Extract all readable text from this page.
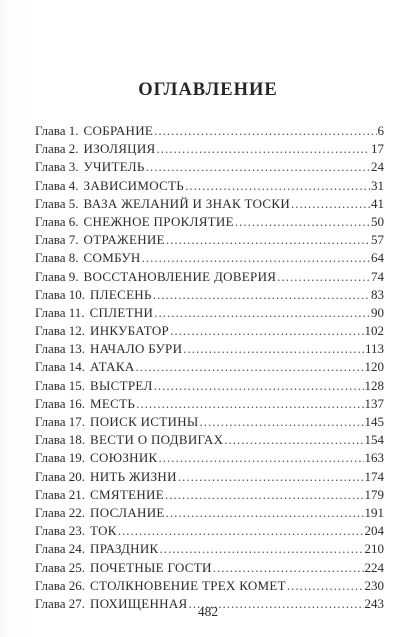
ОГЛАВЛЕНИЕ
Глава 1. СОБРАНИЕ .....	6
Глава 2. ИЗОЛЯЦИЯ .....	17
Глава 3. УЧИТЕЛЬ .....	24
Глава 4. ЗАВИСИМОСТЬ .....	31
Глава 5. ВАЗА ЖЕЛАНИЙ И ЗНАК ТОСКИ .....	41
Глава 6. СНЕЖНОЕ ПРОКЛЯТИЕ .....	50
Глава 7. ОТРАЖЕНИЕ .....	57
Глава 8. СОМБУН .....	64
Глава 9. ВОССТАНОВЛЕНИЕ ДОВЕРИЯ .....	74
Глава 10. ПЛЕСЕНЬ .....	83
Глава 11. СПЛЕТНИ .....	90
Глава 12. ИНКУБАТОР .....	102
Глава 13. НАЧАЛО БУРИ .....	113
Глава 14. АТАКА .....	120
Глава 15. ВЫСТРЕЛ .....	128
Глава 16. МЕСТЬ .....	137
Глава 17. ПОИСК ИСТИНЫ .....	145
Глава 18. ВЕСТИ О ПОДВИГАХ .....	154
Глава 19. СОЮЗНИК .....	163
Глава 20. НИТЬ ЖИЗНИ .....	174
Глава 21. СМЯТЕНИЕ .....	179
Глава 22. ПОСЛАНИЕ .....	191
Глава 23. ТОК .....	204
Глава 24. ПРАЗДНИК .....	210
Глава 25. ПОЧЕТНЫЕ ГОСТИ .....	224
Глава 26. СТОЛКНОВЕНИЕ ТРЕХ КОМЕТ .....	230
Глава 27. ПОХИЩЕННАЯ .....	243
482
